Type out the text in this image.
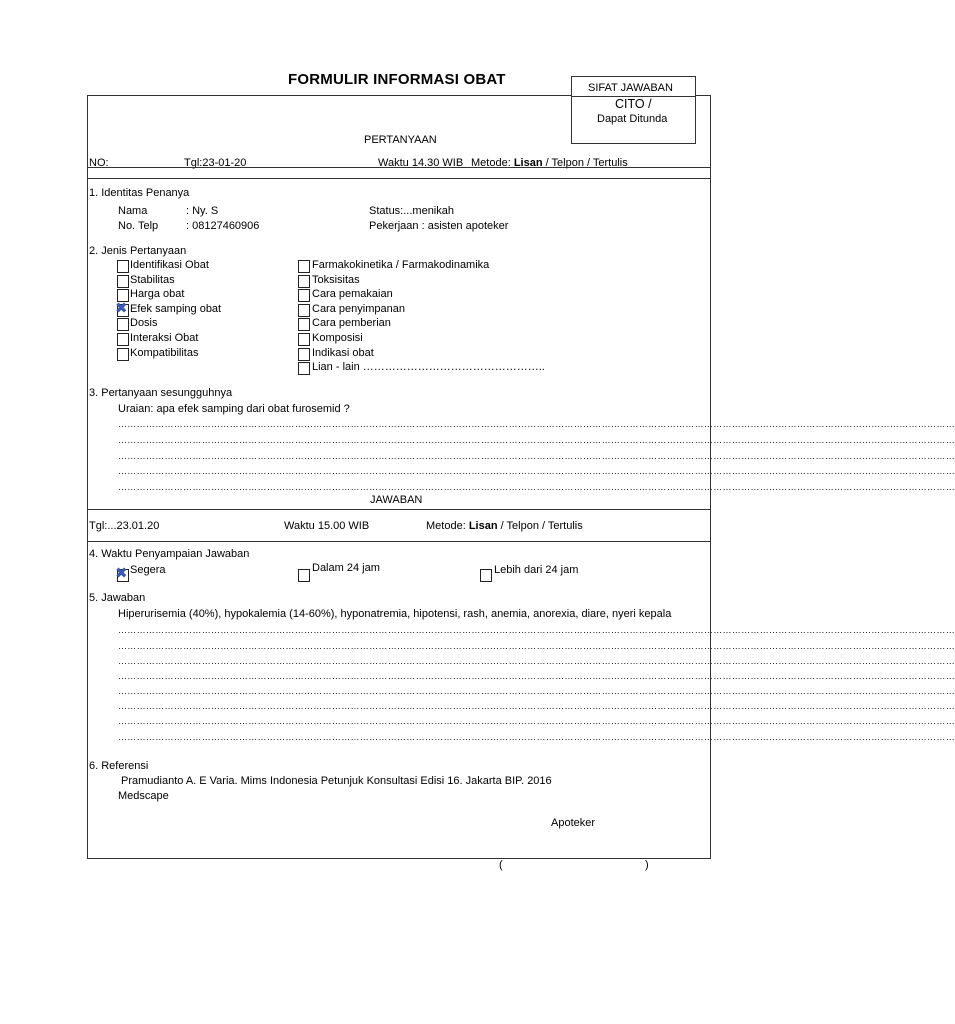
FORMULIR INFORMASI OBAT	SIFAT JAWABAN
CITO /
Dapat Ditunda
PERTANYAAN
NO:	Tgl:23-01-20	Waktu 14.30 WIB Metode: Lisan / Telpon / Tertulis
1. Identitas Penanya
Nama	: Ny. S
No. Telp	: 08127460906
Status:...menikah
Pekerjaan : asisten apoteker
2. Jenis Pertanyaan
Identifikasi Obat
Stabilitas
Harga obat
✖
Efek samping obat
Dosis
Interaksi Obat
Kompatibilitas
Farmakokinetika / Farmakodinamika
Toksisitas
Cara pemakaian
Cara penyimpanan
Cara pemberian
Komposisi
Indikasi obat
Lian - lain …………………………………………..
3. Pertanyaan sesungguhnya
Uraian: apa efek samping dari obat furosemid ?
………………………………………………………………………………………………………………………………………………………………………………………………………………………………………………
………………………………………………………………………………………………………………………………………………………………………………………………………………………………………………
………………………………………………………………………………………………………………………………………………………………………………………………………………………………………………
………………………………………………………………………………………………………………………………………………………………………………………………………………………………………………
………………………………………………………………………………………………………………………………………………………………………………………………………………………………………………
JAWABAN
Tgl:...23.01.20	Waktu 15.00 WIB	Metode: Lisan / Telpon / Tertulis
4. Waktu Penyampaian Jawaban
✖
Segera	Dalam 24 jam	Lebih dari 24 jam
5. Jawaban
Hiperurisemia (40%), hypokalemia (14-60%), hyponatremia, hipotensi, rash, anemia, anorexia, diare, nyeri kepala
………………………………………………………………………………………………………………………………………………………………………………………………………………………………………………
………………………………………………………………………………………………………………………………………………………………………………………………………………………………………………
………………………………………………………………………………………………………………………………………………………………………………………………………………………………………………
………………………………………………………………………………………………………………………………………………………………………………………………………………………………………………
………………………………………………………………………………………………………………………………………………………………………………………………………………………………………………
………………………………………………………………………………………………………………………………………………………………………………………………………………………………………………
………………………………………………………………………………………………………………………………………………………………………………………………………………………………………………
………………………………………………………………………………………………………………………………………………………………………………………………………………………………………………
6. Referensi
Pramudianto A. E Varia. Mims Indonesia Petunjuk Konsultasi Edisi 16. Jakarta BIP. 2016
Medscape
Apoteker
(	)
